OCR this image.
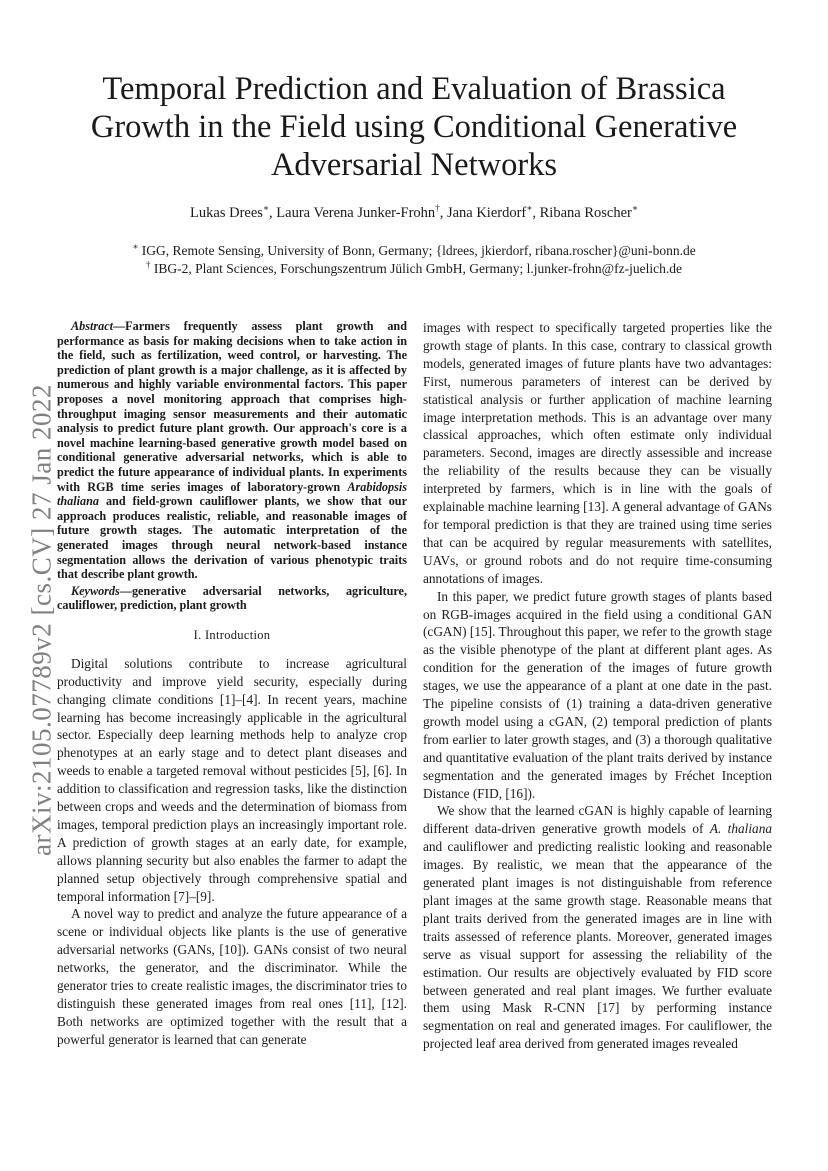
arXiv:2105.07789v2 [cs.CV] 27 Jan 2022
Temporal Prediction and Evaluation of Brassica Growth in the Field using Conditional Generative Adversarial Networks
Lukas Drees∗, Laura Verena Junker-Frohn†, Jana Kierdorf∗, Ribana Roscher∗
∗ IGG, Remote Sensing, University of Bonn, Germany; {ldrees, jkierdorf, ribana.roscher}@uni-bonn.de
† IBG-2, Plant Sciences, Forschungszentrum Jülich GmbH, Germany; l.junker-frohn@fz-juelich.de

Abstract—Farmers frequently assess plant growth and performance as basis for making decisions when to take action in the field, such as fertilization, weed control, or harvesting. The prediction of plant growth is a major challenge, as it is affected by numerous and highly variable environmental factors. This paper proposes a novel monitoring approach that comprises high-throughput imaging sensor measurements and their automatic analysis to predict future plant growth. Our approach's core is a novel machine learning-based generative growth model based on conditional generative adversarial networks, which is able to predict the future appearance of individual plants. In experiments with RGB time series images of laboratory-grown Arabidopsis thaliana and field-grown cauliflower plants, we show that our approach produces realistic, reliable, and reasonable images of future growth stages. The automatic interpretation of the generated images through neural network-based instance segmentation allows the derivation of various phenotypic traits that describe plant growth.

Keywords—generative adversarial networks, agriculture, cauliflower, prediction, plant growth

I. Introduction

Digital solutions contribute to increase agricultural productivity and improve yield security, especially during changing climate conditions [1]–[4]. In recent years, machine learning has become increasingly applicable in the agricultural sector. Especially deep learning methods help to analyze crop phenotypes at an early stage and to detect plant diseases and weeds to enable a targeted removal without pesticides [5], [6]. In addition to classification and regression tasks, like the distinction between crops and weeds and the determination of biomass from images, temporal prediction plays an increasingly important role. A prediction of growth stages at an early date, for example, allows planning security but also enables the farmer to adapt the planned setup objectively through comprehensive spatial and temporal information [7]–[9].

A novel way to predict and analyze the future appearance of a scene or individual objects like plants is the use of generative adversarial networks (GANs, [10]). GANs consist of two neural networks, the generator, and the discriminator. While the generator tries to create realistic images, the discriminator tries to distinguish these generated images from real ones [11], [12]. Both networks are optimized together with the result that a powerful generator is learned that can generate

images with respect to specifically targeted properties like the growth stage of plants. In this case, contrary to classical growth models, generated images of future plants have two advantages: First, numerous parameters of interest can be derived by statistical analysis or further application of machine learning image interpretation methods. This is an advantage over many classical approaches, which often estimate only individual parameters. Second, images are directly assessible and increase the reliability of the results because they can be visually interpreted by farmers, which is in line with the goals of explainable machine learning [13]. A general advantage of GANs for temporal prediction is that they are trained using time series that can be acquired by regular measurements with satellites, UAVs, or ground robots and do not require time-consuming annotations of images.

In this paper, we predict future growth stages of plants based on RGB-images acquired in the field using a conditional GAN (cGAN) [15]. Throughout this paper, we refer to the growth stage as the visible phenotype of the plant at different plant ages. As condition for the generation of the images of future growth stages, we use the appearance of a plant at one date in the past. The pipeline consists of (1) training a data-driven generative growth model using a cGAN, (2) temporal prediction of plants from earlier to later growth stages, and (3) a thorough qualitative and quantitative evaluation of the plant traits derived by instance segmentation and the generated images by Fréchet Inception Distance (FID, [16]).

We show that the learned cGAN is highly capable of learning different data-driven generative growth models of A. thaliana and cauliflower and predicting realistic looking and reasonable images. By realistic, we mean that the appearance of the generated plant images is not distinguishable from reference plant images at the same growth stage. Reasonable means that plant traits derived from the generated images are in line with traits assessed of reference plants. Moreover, generated images serve as visual support for assessing the reliability of the estimation. Our results are objectively evaluated by FID score between generated and real plant images. We further evaluate them using Mask R-CNN [17] by performing instance segmentation on real and generated images. For cauliflower, the projected leaf area derived from generated images revealed
